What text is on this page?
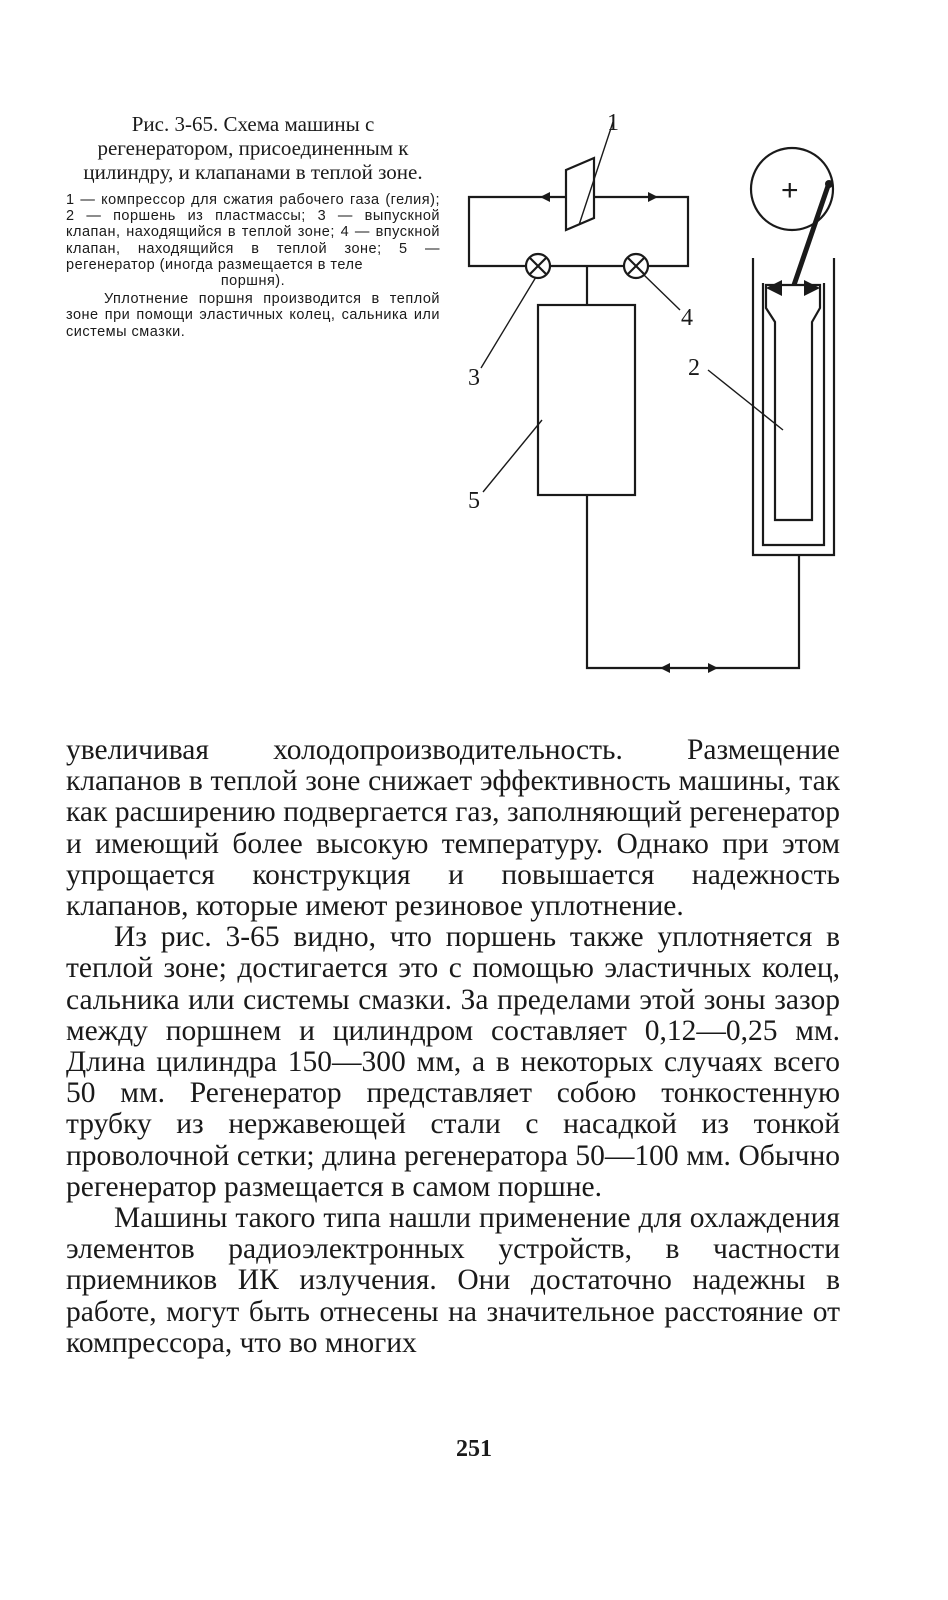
Рис. 3-65. Схема машины с регенератором, присоединенным к цилиндру, и клапанами в теплой зоне.

1 — компрессор для сжатия рабочего газа (гелия); 2 — поршень из пластмассы; 3 — выпускной клапан, находящийся в теплой зоне; 4 — впускной клапан, находящийся в теплой зоне; 5 — регенератор (иногда размещается в теле

поршня).

Уплотнение поршня производится в теплой зоне при помощи эластичных колец, сальника или системы смазки.

+
1
2
3
4
5

увеличивая холодопроизводительность. Размещение клапанов в теплой зоне снижает эффективность машины, так как расширению подвергается газ, заполняющий регенератор и имеющий более высокую температуру. Однако при этом упрощается конструкция и повышается надежность клапанов, которые имеют резиновое уплотнение.

Из рис. 3-65 видно, что поршень также уплотняется в теплой зоне; достигается это с помощью эластичных колец, сальника или системы смазки. За пределами этой зоны зазор между поршнем и цилиндром составляет 0,12—0,25 мм. Длина цилиндра 150—300 мм, а в некоторых случаях всего 50 мм. Регенератор представляет собою тонкостенную трубку из нержавеющей стали с насадкой из тонкой проволочной сетки; длина регенератора 50—100 мм. Обычно регенератор размещается в самом поршне.

Машины такого типа нашли применение для охлаждения элементов радиоэлектронных устройств, в частности приемников ИК излучения. Они достаточно надежны в работе, могут быть отнесены на значительное расстояние от компрессора, что во многих

251
